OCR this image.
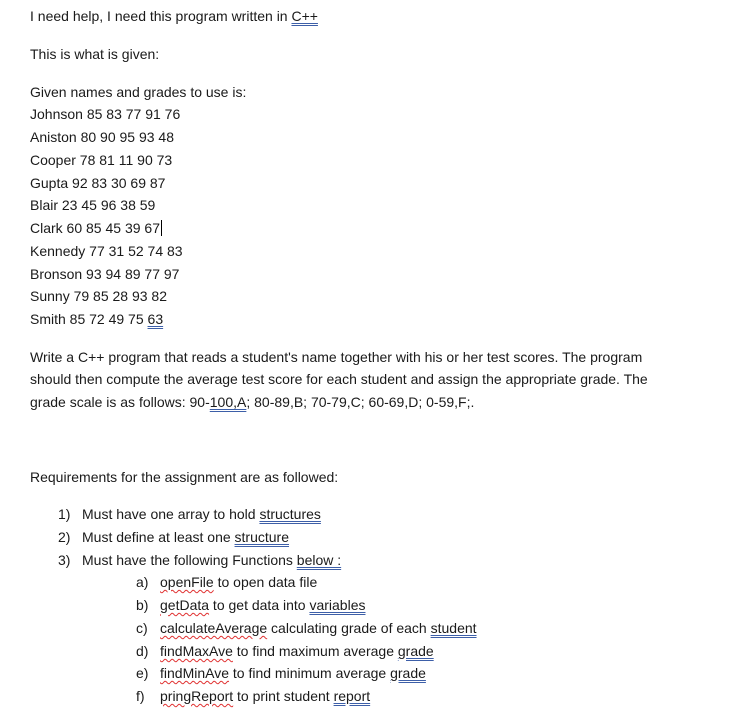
I need help, I need this program written in C++
This is what is given:
Given names and grades to use is:
Johnson 85 83 77 91 76
Aniston 80 90 95 93 48
Cooper 78 81 11 90 73
Gupta 92 83 30 69 87
Blair 23 45 96 38 59
Clark 60 85 45 39 67
Kennedy 77 31 52 74 83
Bronson 93 94 89 77 97
Sunny 79 85 28 93 82
Smith 85 72 49 75 63
Write a C++ program that reads a student's name together with his or her test scores. The program
should then compute the average test score for each student and assign the appropriate grade. The
grade scale is as follows: 90-100,A; 80-89,B; 70-79,C; 60-69,D; 0-59,F;.
Requirements for the assignment are as followed:
1) Must have one array to hold structures
2) Must define at least one structure
3) Must have the following Functions below :
a) openFile to open data file
b) getData to get data into variables
c) calculateAverage calculating grade of each student
d) findMaxAve to find maximum average grade
e) findMinAve to find minimum average grade
f) pringReport to print student report
